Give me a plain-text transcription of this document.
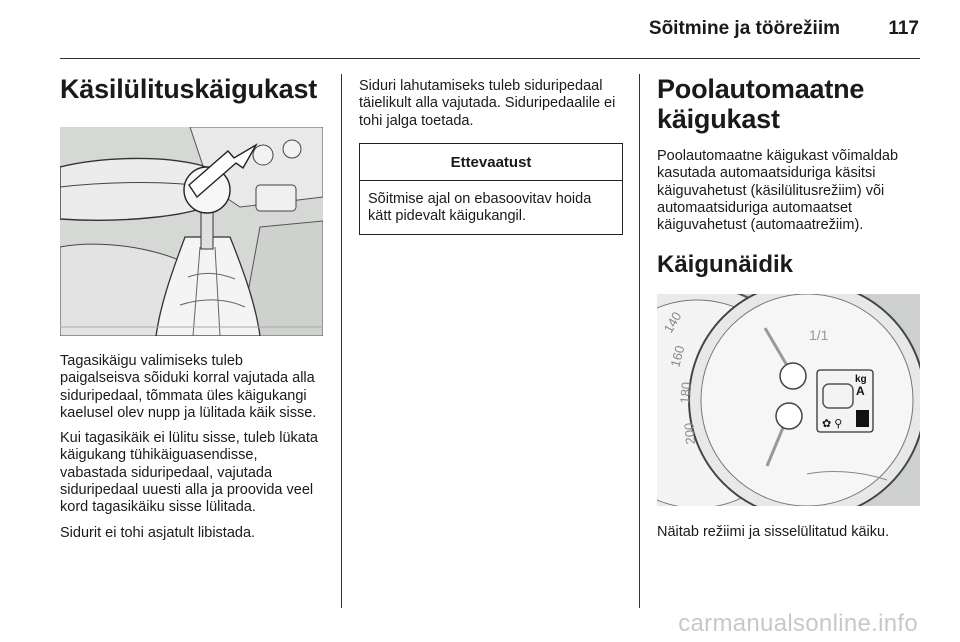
Sõitmine ja töörežiim	117
Käsilülituskäigukast

Tagasikäigu valimiseks tuleb paigalseisva sõiduki korral vajutada alla siduripedaal, tõmmata üles käigukangi kaelusel olev nupp ja lülitada käik sisse.

Kui tagasikäik ei lülitu sisse, tuleb lükata käigukang tühikäiguasendisse, vabastada siduripedaal, vajutada siduripedaal uuesti alla ja proovida veel kord tagasikäiku sisse lülitada.

Sidurit ei tohi asjatult libistada.

Siduri lahutamiseks tuleb siduripedaal täielikult alla vajutada. Siduripedaalile ei tohi jalga toetada.

Ettevaatust

Sõitmise ajal on ebasoovitav hoida kätt pidevalt käigukangil.

Poolautomaatne käigukast

Poolautomaatne käigukast võimaldab kasutada automaatsiduriga käsitsi käiguvahetust (käsilülitusrežiim) või automaatsiduriga automaatset käiguvahetust (automaatrežiim).

Käigunäidik
140
160
180
200
1/1
kg
A
✿ ⚲

Näitab režiimi ja sisselülitatud käiku.

carmanualsonline.info
